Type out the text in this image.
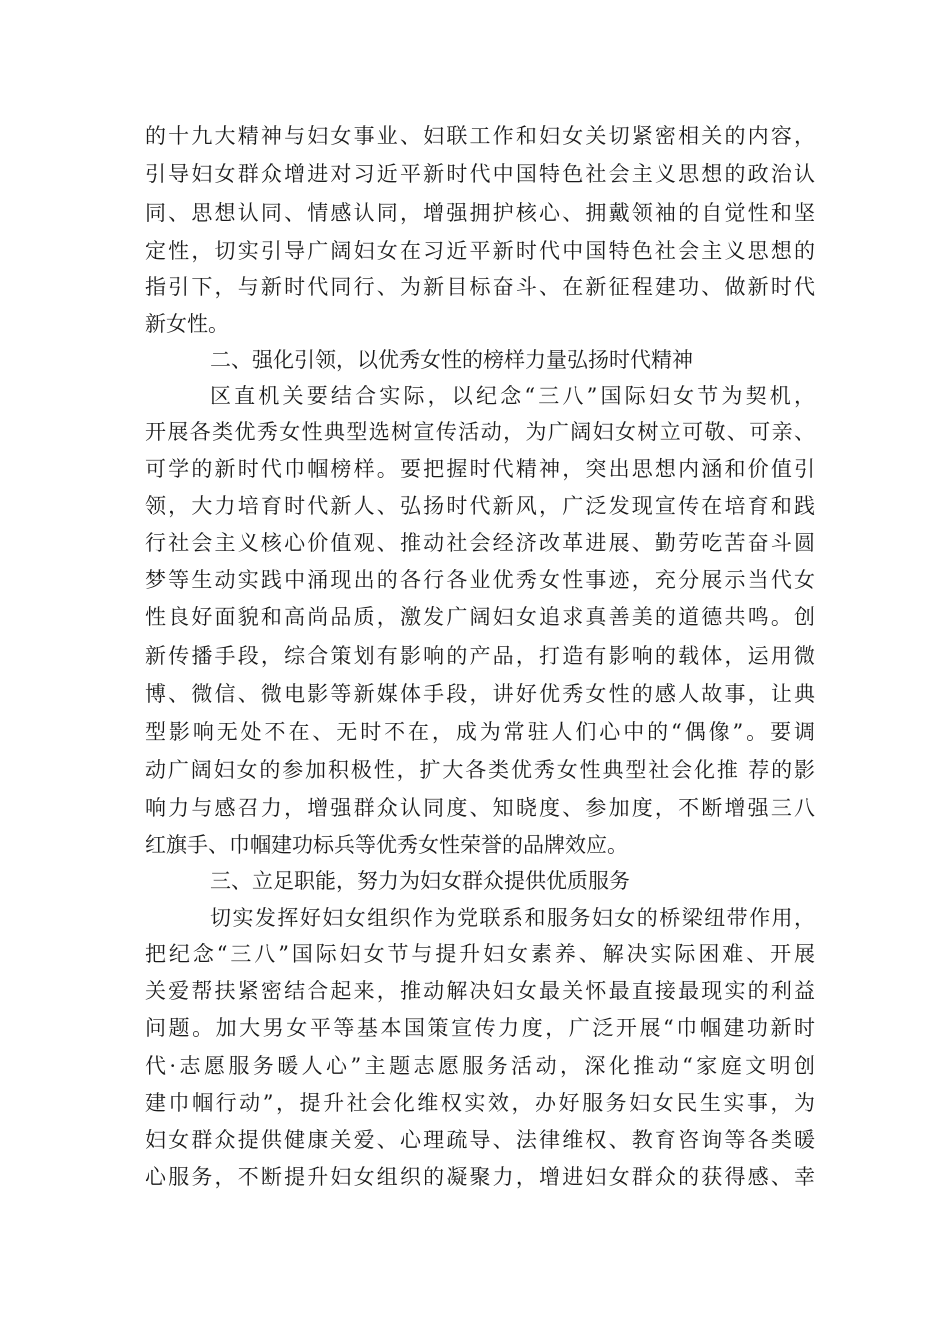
的十九大精神与妇女事业、妇联工作和妇女关切紧密相关的内容，
引导妇女群众增进对习近平新时代中国特色社会主义思想的政治认
同、思想认同、情感认同，增强拥护核心、拥戴领袖的自觉性和坚
定性，切实引导广阔妇女在习近平新时代中国特色社会主义思想的
指引下，与新时代同行、为新目标奋斗、在新征程建功、做新时代
新女性。
二、强化引领，以优秀女性的榜样力量弘扬时代精神
区直机关要结合实际，以纪念“三八”国际妇女节为契机，
开展各类优秀女性典型选树宣传活动，为广阔妇女树立可敬、可亲、
可学的新时代巾帼榜样。要把握时代精神，突出思想内涵和价值引
领，大力培育时代新人、弘扬时代新风，广泛发现宣传在培育和践
行社会主义核心价值观、推动社会经济改革进展、勤劳吃苦奋斗圆
梦等生动实践中涌现出的各行各业优秀女性事迹，充分展示当代女
性良好面貌和高尚品质，激发广阔妇女追求真善美的道德共鸣。创
新传播手段，综合策划有影响的产品，打造有影响的载体，运用微
博、微信、微电影等新媒体手段，讲好优秀女性的感人故事，让典
型影响无处不在、无时不在，成为常驻人们心中的“偶像”。要调
动广阔妇女的参加积极性，扩大各类优秀女性典型社会化推 荐的影
响力与感召力，增强群众认同度、知晓度、参加度，不断增强三八
红旗手、巾帼建功标兵等优秀女性荣誉的品牌效应。
三、立足职能，努力为妇女群众提供优质服务
切实发挥好妇女组织作为党联系和服务妇女的桥梁纽带作用，
把纪念“三八”国际妇女节与提升妇女素养、解决实际困难、开展
关爱帮扶紧密结合起来，推动解决妇女最关怀最直接最现实的利益
问题。加大男女平等基本国策宣传力度，广泛开展“巾帼建功新时
代·志愿服务暖人心”主题志愿服务活动，深化推动“家庭文明创
建巾帼行动”，提升社会化维权实效，办好服务妇女民生实事，为
妇女群众提供健康关爱、心理疏导、法律维权、教育咨询等各类暖
心服务，不断提升妇女组织的凝聚力，增进妇女群众的获得感、幸
